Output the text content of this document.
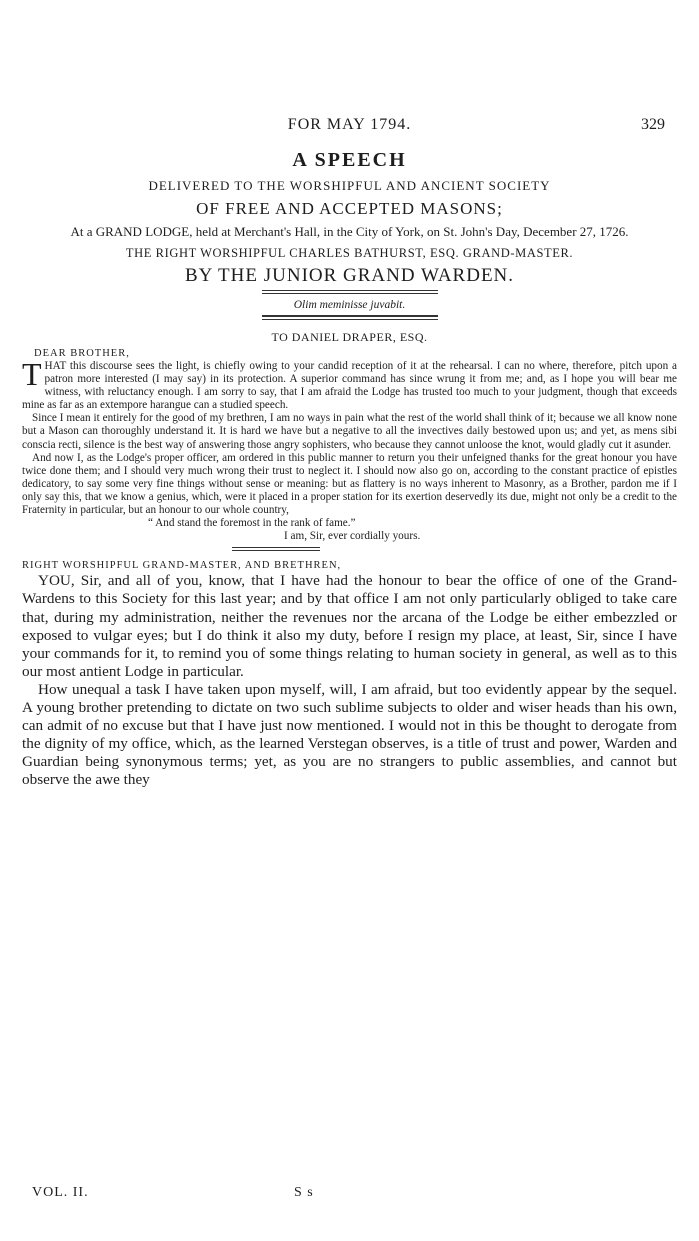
FOR MAY 1794.	329
A SPEECH
DELIVERED TO THE WORSHIPFUL AND ANCIENT SOCIETY
OF FREE AND ACCEPTED MASONS;
At a GRAND LODGE, held at Merchant's Hall, in the City of York, on St. John's Day, December 27, 1726.
THE RIGHT WORSHIPFUL CHARLES BATHURST, ESQ. GRAND-MASTER.
BY THE JUNIOR GRAND WARDEN.
Olim meminisse juvabit.
TO DANIEL DRAPER, ESQ.
DEAR BROTHER,

THAT this discourse sees the light, is chiefly owing to your candid reception of it at the rehearsal. I can no where, therefore, pitch upon a patron more interested (I may say) in its protection. A superior command has since wrung it from me; and, as I hope you will bear me witness, with reluctancy enough. I am sorry to say, that I am afraid the Lodge has trusted too much to your judgment, though that exceeds mine as far as an extempore harangue can a studied speech.

Since I mean it entirely for the good of my brethren, I am no ways in pain what the rest of the world shall think of it; because we all know none but a Mason can thoroughly understand it. It is hard we have but a negative to all the invectives daily bestowed upon us; and yet, as mens sibi conscia recti, silence is the best way of answering those angry sophisters, who because they cannot unloose the knot, would gladly cut it asunder.

And now I, as the Lodge's proper officer, am ordered in this public manner to return you their unfeigned thanks for the great honour you have twice done them; and I should very much wrong their trust to neglect it. I should now also go on, according to the constant practice of epistles dedicatory, to say some very fine things without sense or meaning: but as flattery is no ways inherent to Masonry, as a Brother, pardon me if I only say this, that we know a genius, which, were it placed in a proper station for its exertion deservedly its due, might not only be a credit to the Fraternity in particular, but an honour to our whole country,

“ And stand the foremost in the rank of fame.”

I am, Sir, ever cordially yours.

RIGHT WORSHIPFUL GRAND-MASTER, AND BRETHREN,

YOU, Sir, and all of you, know, that I have had the honour to bear the office of one of the Grand-Wardens to this Society for this last year; and by that office I am not only particularly obliged to take care that, during my administration, neither the revenues nor the arcana of the Lodge be either embezzled or exposed to vulgar eyes; but I do think it also my duty, before I resign my place, at least, Sir, since I have your commands for it, to remind you of some things relating to human society in general, as well as to this our most antient Lodge in particular.

How unequal a task I have taken upon myself, will, I am afraid, but too evidently appear by the sequel. A young brother pretending to dictate on two such sublime subjects to older and wiser heads than his own, can admit of no excuse but that I have just now mentioned. I would not in this be thought to derogate from the dignity of my office, which, as the learned Verstegan observes, is a title of trust and power, Warden and Guardian being synonymous terms; yet, as you are no strangers to public assemblies, and cannot but observe the awe they

VOL. II.	S s
